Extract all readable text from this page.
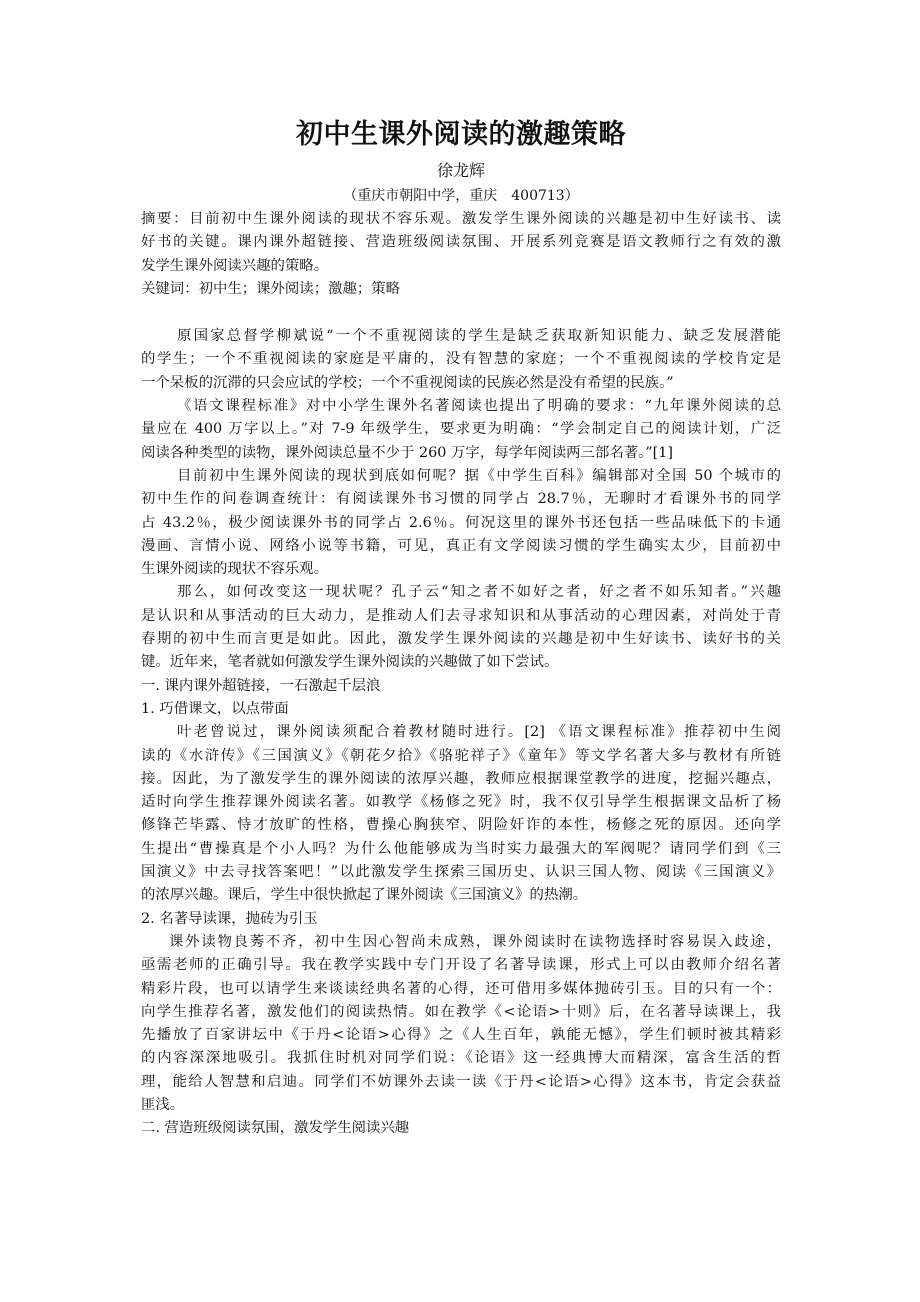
初中生课外阅读的激趣策略

徐龙辉

（重庆市朝阳中学，重庆　400713）

摘要：目前初中生课外阅读的现状不容乐观。激发学生课外阅读的兴趣是初中生好读书、读

好书的关键。课内课外超链接、营造班级阅读氛围、开展系列竞赛是语文教师行之有效的激

发学生课外阅读兴趣的策略。

关键词：初中生；课外阅读；激趣；策略

原国家总督学柳斌说“一个不重视阅读的学生是缺乏获取新知识能力、缺乏发展潜能

的学生；一个不重视阅读的家庭是平庸的，没有智慧的家庭；一个不重视阅读的学校肯定是

一个呆板的沉滞的只会应试的学校；一个不重视阅读的民族必然是没有希望的民族。”

《语文课程标准》对中小学生课外名著阅读也提出了明确的要求：“九年课外阅读的总

量应在 400 万字以上。”对 7-9 年级学生，要求更为明确：“学会制定自己的阅读计划，广泛

阅读各种类型的读物，课外阅读总量不少于 260 万字，每学年阅读两三部名著。”[1]

目前初中生课外阅读的现状到底如何呢？据《中学生百科》编辑部对全国 50 个城市的

初中生作的问卷调查统计：有阅读课外书习惯的同学占 28.7％，无聊时才看课外书的同学

占 43.2％，极少阅读课外书的同学占 2.6％。何况这里的课外书还包括一些品味低下的卡通

漫画、言情小说、网络小说等书籍，可见，真正有文学阅读习惯的学生确实太少，目前初中

生课外阅读的现状不容乐观。

那么，如何改变这一现状呢？孔子云“知之者不如好之者，好之者不如乐知者。”兴趣

是认识和从事活动的巨大动力，是推动人们去寻求知识和从事活动的心理因素，对尚处于青

春期的初中生而言更是如此。因此，激发学生课外阅读的兴趣是初中生好读书、读好书的关

键。近年来，笔者就如何激发学生课外阅读的兴趣做了如下尝试。

一. 课内课外超链接，一石激起千层浪

1. 巧借课文，以点带面

叶老曾说过，课外阅读须配合着教材随时进行。[2] 《语文课程标准》推荐初中生阅

读的《水浒传》《三国演义》《朝花夕拾》《骆驼祥子》《童年》等文学名著大多与教材有所链

接。因此，为了激发学生的课外阅读的浓厚兴趣，教师应根据课堂教学的进度，挖掘兴趣点，

适时向学生推荐课外阅读名著。如教学《杨修之死》时，我不仅引导学生根据课文品析了杨

修锋芒毕露、恃才放旷的性格，曹操心胸狭窄、阴险奸诈的本性，杨修之死的原因。还向学

生提出“曹操真是个小人吗？为什么他能够成为当时实力最强大的军阀呢？请同学们到《三

国演义》中去寻找答案吧！”以此激发学生探索三国历史、认识三国人物、阅读《三国演义》

的浓厚兴趣。课后，学生中很快掀起了课外阅读《三国演义》的热潮。

2. 名著导读课，抛砖为引玉

课外读物良莠不齐，初中生因心智尚未成熟，课外阅读时在读物选择时容易误入歧途，

亟需老师的正确引导。我在教学实践中专门开设了名著导读课，形式上可以由教师介绍名著

精彩片段，也可以请学生来谈读经典名著的心得，还可借用多媒体抛砖引玉。目的只有一个：

向学生推荐名著，激发他们的阅读热情。如在教学《<论语>十则》后，在名著导读课上，我

先播放了百家讲坛中《于丹<论语>心得》之《人生百年，孰能无憾》，学生们顿时被其精彩

的内容深深地吸引。我抓住时机对同学们说：《论语》这一经典博大而精深，富含生活的哲

理，能给人智慧和启迪。同学们不妨课外去读一读《于丹<论语>心得》这本书，肯定会获益

匪浅。

二. 营造班级阅读氛围，激发学生阅读兴趣
